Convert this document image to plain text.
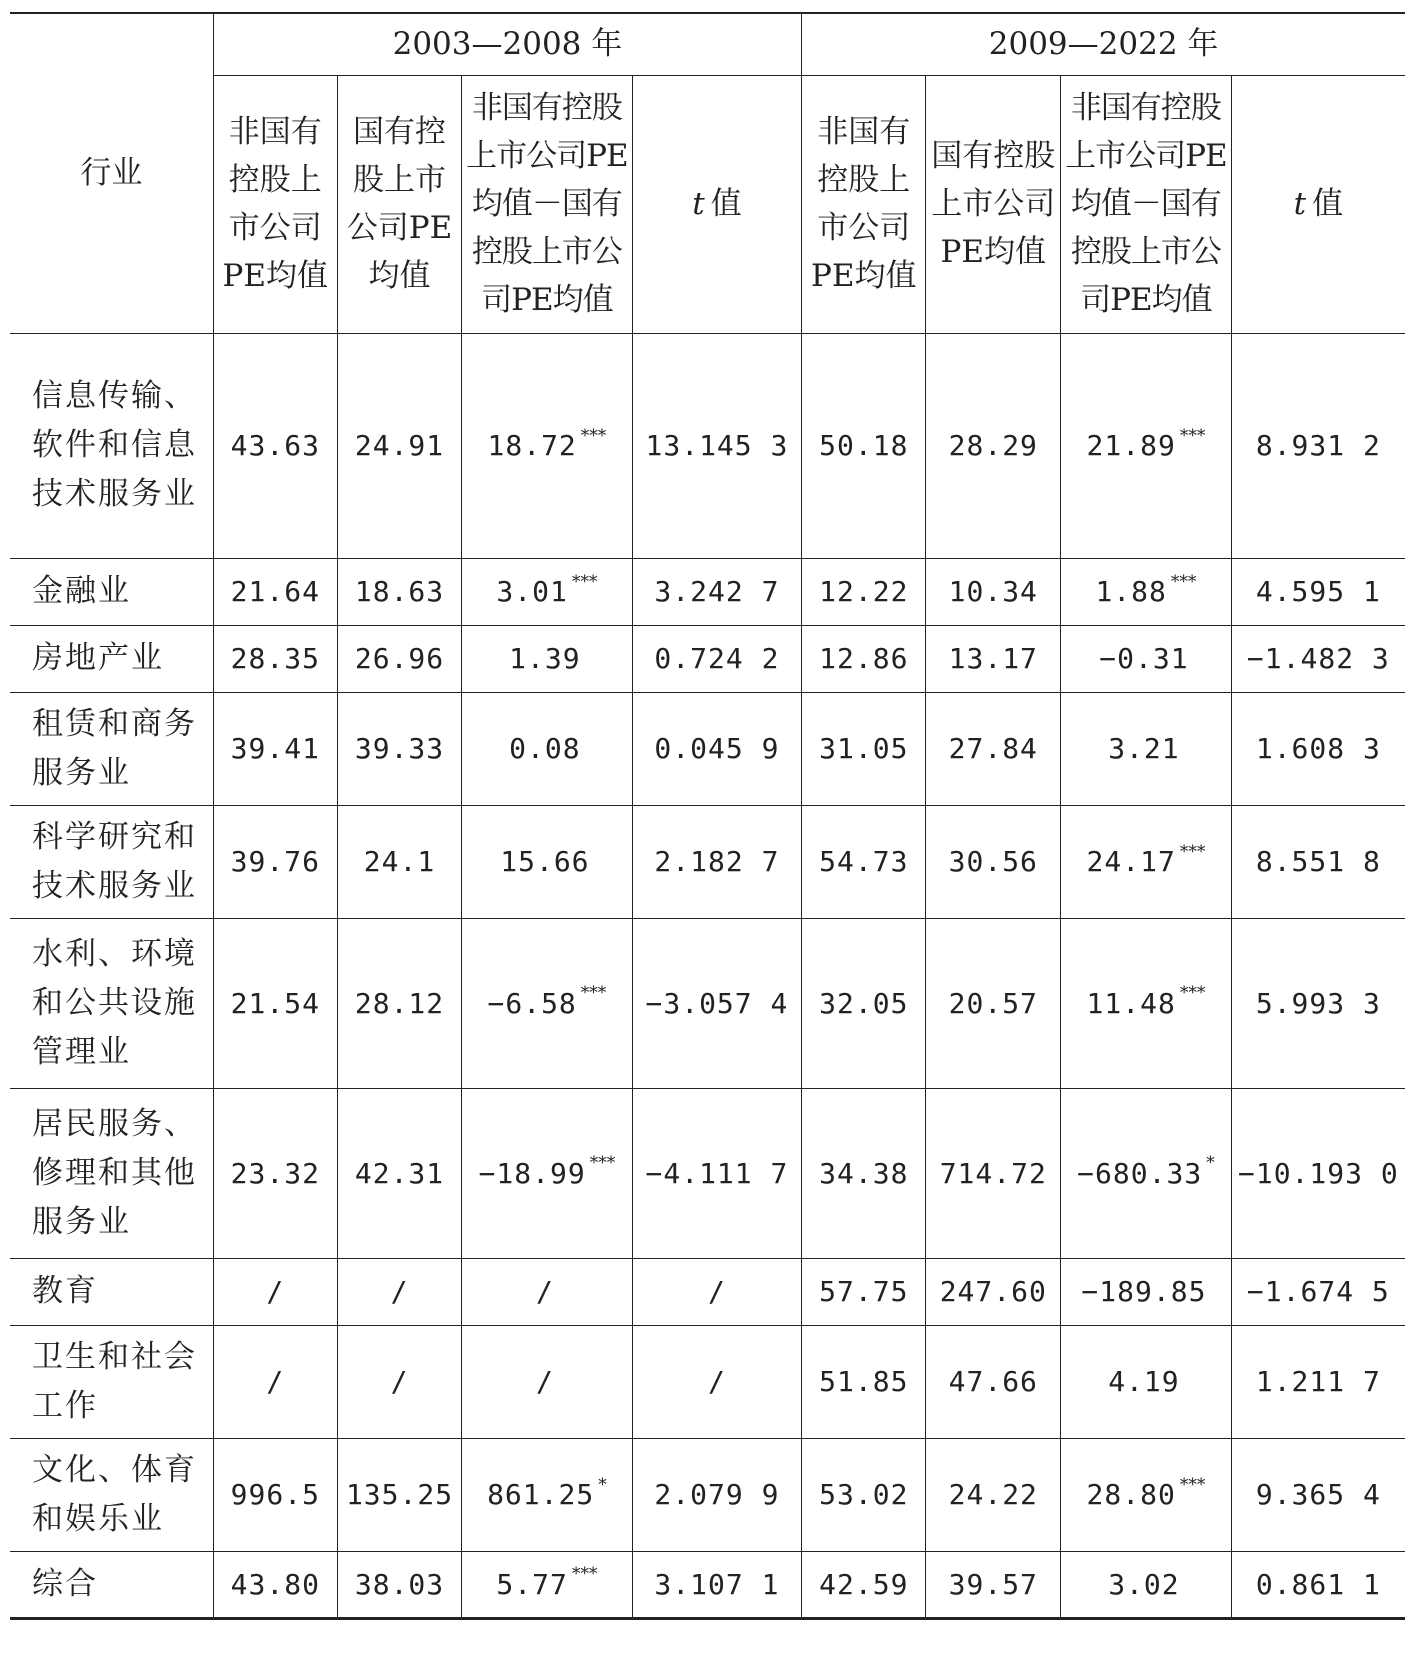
行业	2003—2008 年				2009—2022 年			
	非国有控股上市公司PE均值	国有控股上市公司PE均值	非国有控股上市公司PE均值－国有控股上市公司PE均值	t 值	非国有控股上市公司PE均值	国有控股上市公司PE均值	非国有控股上市公司PE均值－国有控股上市公司PE均值	t 值
信息传输、软件和信息技术服务业	43.63	24.91	18.72 ***	13.145 3	50.18	28.29	21.89 ***	8.931 2
金融业	21.64	18.63	3.01 ***	3.242 7	12.22	10.34	1.88 ***	4.595 1
房地产业	28.35	26.96	1.39	0.724 2	12.86	13.17	−0.31	−1.482 3
租赁和商务服务业	39.41	39.33	0.08	0.045 9	31.05	27.84	3.21	1.608 3
科学研究和技术服务业	39.76	24.1	15.66	2.182 7	54.73	30.56	24.17 ***	8.551 8
水利、环境和公共设施管理业	21.54	28.12	−6.58 ***	−3.057 4	32.05	20.57	11.48 ***	5.993 3
居民服务、修理和其他服务业	23.32	42.31	−18.99 ***	−4.111 7	34.38	714.72	−680.33 *	−10.193 0
教育	/	/	/	/	57.75	247.60	−189.85	−1.674 5
卫生和社会工作	/	/	/	/	51.85	47.66	4.19	1.211 7
文化、体育和娱乐业	996.5	135.25	861.25 *	2.079 9	53.02	24.22	28.80 ***	9.365 4
综合	43.80	38.03	5.77 ***	3.107 1	42.59	39.57	3.02	0.861 1
